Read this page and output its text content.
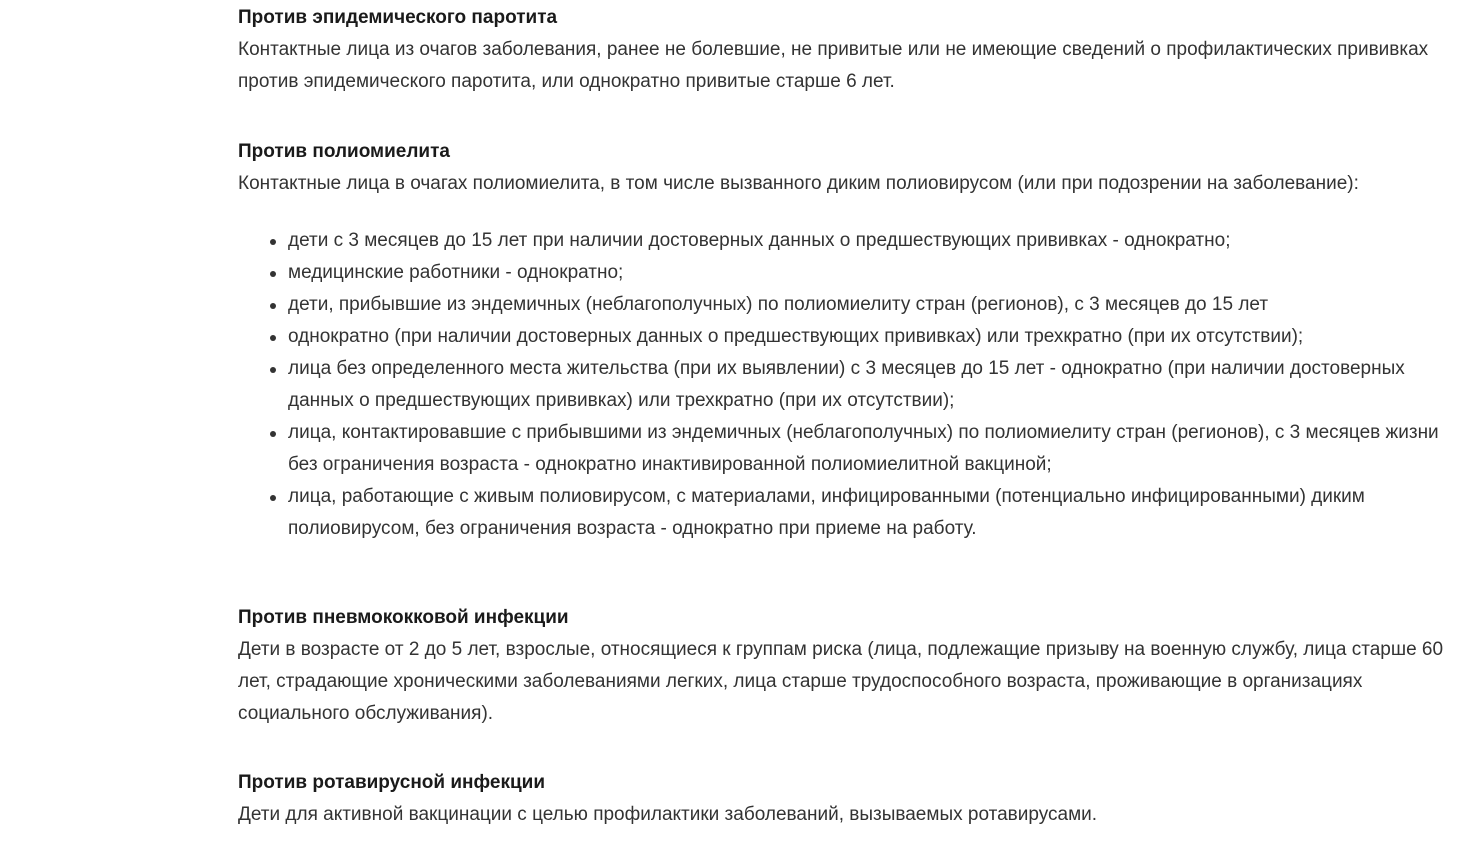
Против эпидемического паротита

Контактные лица из очагов заболевания, ранее не болевшие, не привитые или не имеющие сведений о профилактических прививках против эпидемического паротита, или однократно привитые старше 6 лет.

Против полиомиелита

Контактные лица в очагах полиомиелита, в том числе вызванного диким полиовирусом (или при подозрении на заболевание):

дети с 3 месяцев до 15 лет при наличии достоверных данных о предшествующих прививках - однократно;
медицинские работники - однократно;
дети, прибывшие из эндемичных (неблагополучных) по полиомиелиту стран (регионов), с 3 месяцев до 15 лет
однократно (при наличии достоверных данных о предшествующих прививках) или трехкратно (при их отсутствии);
лица без определенного места жительства (при их выявлении) с 3 месяцев до 15 лет - однократно (при наличии достоверных данных о предшествующих прививках) или трехкратно (при их отсутствии);
лица, контактировавшие с прибывшими из эндемичных (неблагополучных) по полиомиелиту стран (регионов), с 3 месяцев жизни без ограничения возраста - однократно инактивированной полиомиелитной вакциной;
лица, работающие с живым полиовирусом, с материалами, инфицированными (потенциально инфицированными) диким полиовирусом, без ограничения возраста - однократно при приеме на работу.
Против пневмококковой инфекции

Дети в возрасте от 2 до 5 лет, взрослые, относящиеся к группам риска (лица, подлежащие призыву на военную службу, лица старше 60 лет, страдающие хроническими заболеваниями легких, лица старше трудоспособного возраста, проживающие в организациях социального обслуживания).

Против ротавирусной инфекции

Дети для активной вакцинации с целью профилактики заболеваний, вызываемых ротавирусами.
